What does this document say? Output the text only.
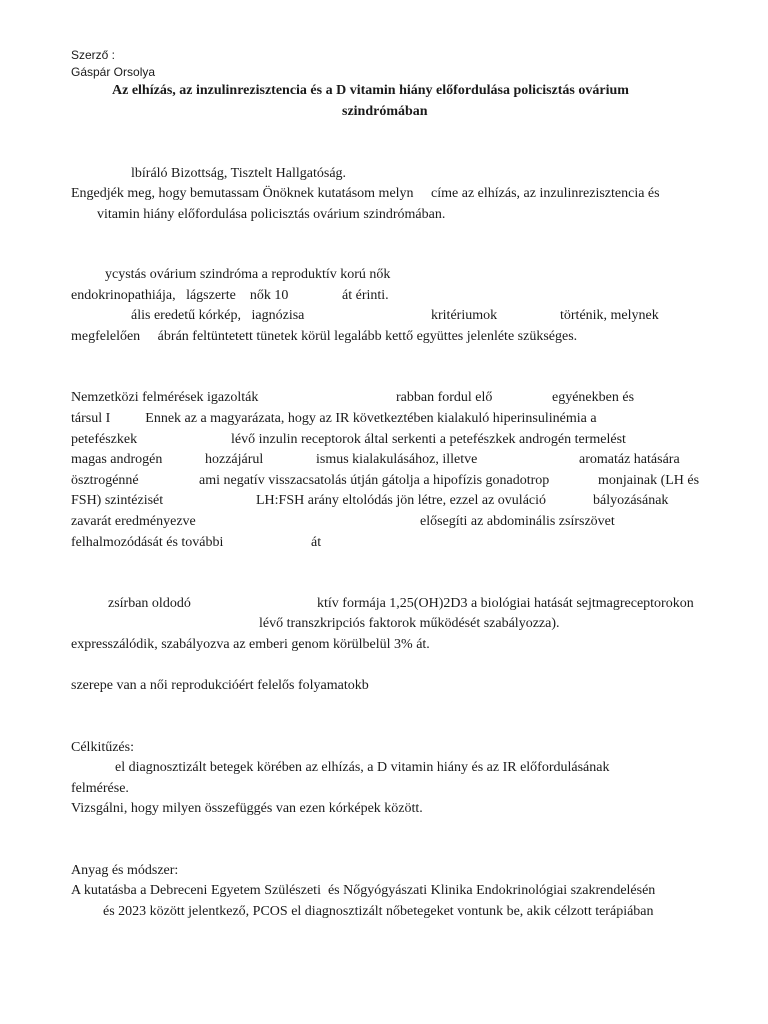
Szerző :
Gáspár Orsolya
Az elhízás, az inzulinrezisztencia és a D vitamin hiány előfordulása policisztás ovárium
szindrómában
lbíráló Bizottság, Tisztelt Hallgatóság.
Engedjék meg, hogy bemutassam Önöknek kutatásom melyn     címe az elhízás, az inzulinrezisztencia és
vitamin hiány előfordulása policisztás ovárium szindrómában.
ycystás ovárium szindróma a reproduktív korú nők
endokrinopathiája,   lágszerte    nők 10	át érinti.
ális eredetű kórkép,   iagnózisa	kritériumok	történik, melynek
megfelelően     ábrán feltüntetett tünetek körül legalább kettő együttes jelenléte szükséges.
Nemzetközi felmérések igazolták	rabban fordul elő	egyénekben és
társul I          Ennek az a magyarázata, hogy az IR következtében kialakuló hiperinsulinémia a
petefészkek	lévő inzulin receptorok által serkenti a petefészkek androgén termelést
magas androgén	hozzájárul	ismus kialakulásához, illetve	aromatáz hatására
ösztrogénné	ami negatív visszacsatolás útján gátolja a hipofízis gonadotrop	monjainak (LH és
FSH) szintézisét	LH:FSH arány eltolódás jön létre, ezzel az ovuláció	bályozásának
zavarát eredményezve	elősegíti az abdominális zsírszövet
felhalmozódását és további	át
zsírban oldodó	ktív formája 1,25(OH)2D3 a biológiai hatását sejtmagreceptorokon
lévő transzkripciós faktorok működését szabályozza).
expresszálódik, szabályozva az emberi genom körülbelül 3% át.
szerepe van a női reprodukcióért felelős folyamatokb
Célkitűzés:
el diagnosztizált betegek körében az elhízás, a D vitamin hiány és az IR előfordulásának
felmérése.
Vizsgálni, hogy milyen összefüggés van ezen kórképek között.
Anyag és módszer:
A kutatásba a Debreceni Egyetem Szülészeti  és Nőgyógyászati Klinika Endokrinológiai szakrendelésén
és 2023 között jelentkező, PCOS el diagnosztizált nőbetegeket vontunk be, akik célzott terápiában
